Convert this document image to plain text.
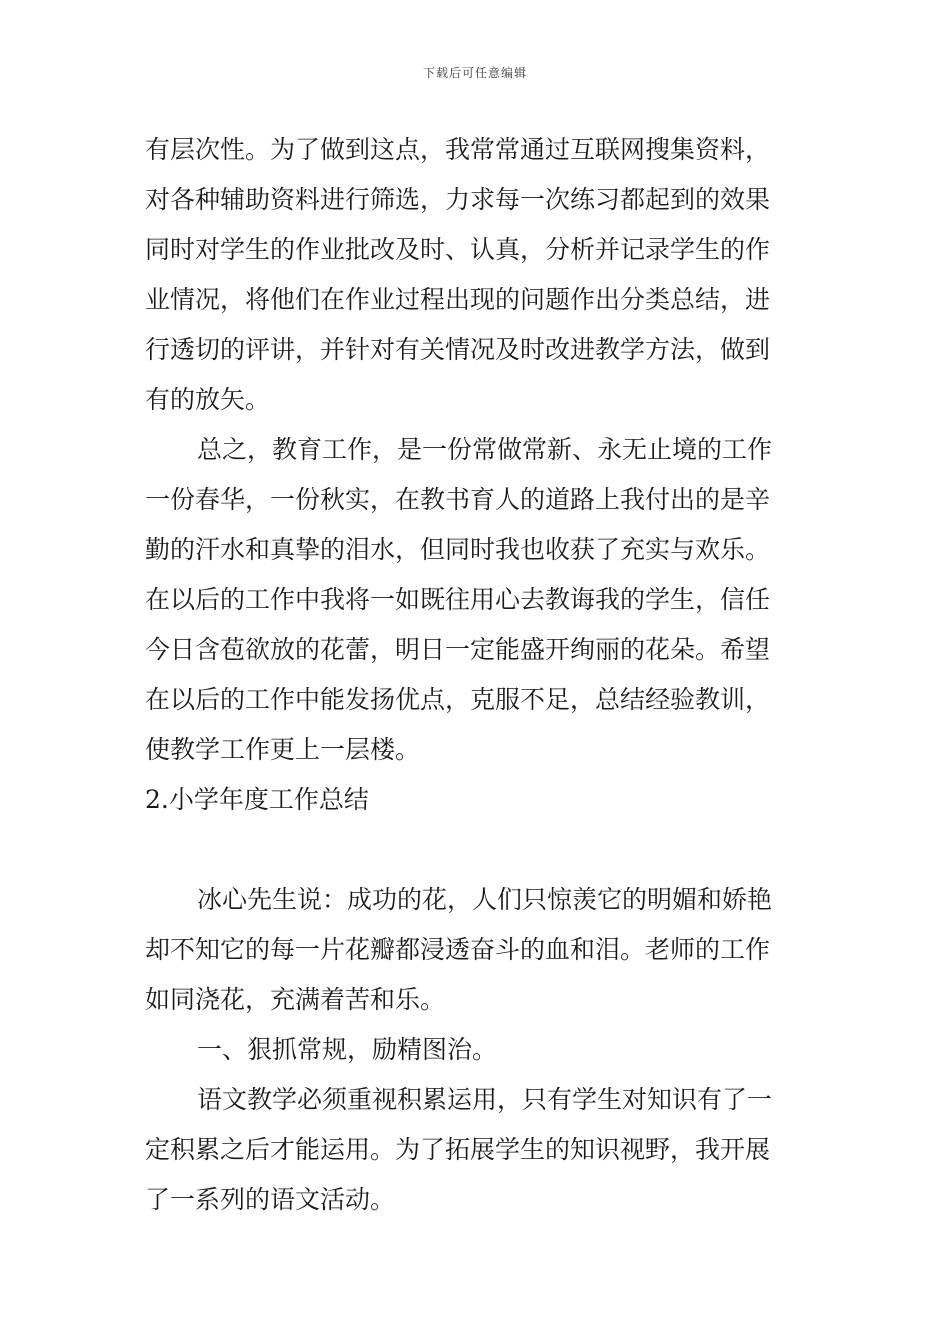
下载后可任意编辑
有层次性。为了做到这点，我常常通过互联网搜集资料，
对各种辅助资料进行筛选，力求每一次练习都起到的效果
同时对学生的作业批改及时、认真，分析并记录学生的作
业情况，将他们在作业过程出现的问题作出分类总结，进
行透切的评讲，并针对有关情况及时改进教学方法，做到
有的放矢。
总之，教育工作，是一份常做常新、永无止境的工作
一份春华，一份秋实，在教书育人的道路上我付出的是辛
勤的汗水和真挚的泪水，但同时我也收获了充实与欢乐。
在以后的工作中我将一如既往用心去教诲我的学生，信任
今日含苞欲放的花蕾，明日一定能盛开绚丽的花朵。希望
在以后的工作中能发扬优点，克服不足，总结经验教训，
使教学工作更上一层楼。
2.小学年度工作总结
冰心先生说：成功的花，人们只惊羡它的明媚和娇艳
却不知它的每一片花瓣都浸透奋斗的血和泪。老师的工作
如同浇花，充满着苦和乐。
一、狠抓常规，励精图治。
语文教学必须重视积累运用，只有学生对知识有了一
定积累之后才能运用。为了拓展学生的知识视野，我开展
了一系列的语文活动。
